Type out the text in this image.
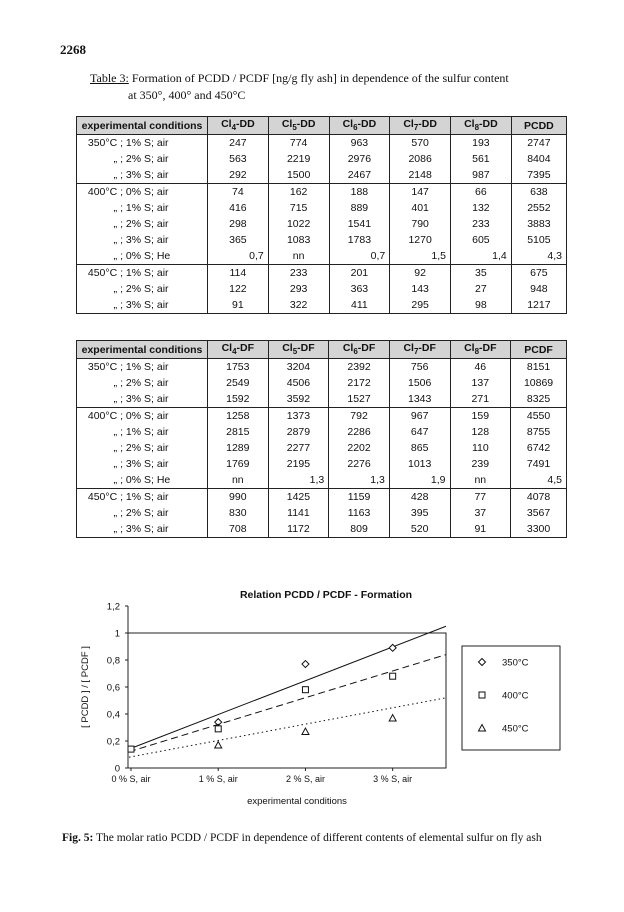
2268
Table 3: Formation of PCDD / PCDF [ng/g fly ash] in dependence of the sulfur content
at 350°, 400° and 450°C
experimental conditions	$Cl_4-DD$	$Cl_5-DD$	$Cl_6-DD$	$Cl_7-DD$	$Cl_8-DD$	PCDD
350°C ; 1% S; air	247	774	963	570	193	2747
„ ; 2% S; air	563	2219	2976	2086	561	8404
„ ; 3% S; air	292	1500	2467	2148	987	7395
400°C ; 0% S; air	74	162	188	147	66	638
„ ; 1% S; air	416	715	889	401	132	2552
„ ; 2% S; air	298	1022	1541	790	233	3883
„ ; 3% S; air	365	1083	1783	1270	605	5105
„ ; 0% S; He	0,7	nn	0,7	1,5	1,4	4,3
450°C ; 1% S; air	114	233	201	92	35	675
„ ; 2% S; air	122	293	363	143	27	948
„ ; 3% S; air	91	322	411	295	98	1217
experimental conditions	$Cl_4-DF$	$Cl_5-DF$	$Cl_6-DF$	$Cl_7-DF$	$Cl_8-DF$	PCDF
350°C ; 1% S; air	1753	3204	2392	756	46	8151
„ ; 2% S; air	2549	4506	2172	1506	137	10869
„ ; 3% S; air	1592	3592	1527	1343	271	8325
400°C ; 0% S; air	1258	1373	792	967	159	4550
„ ; 1% S; air	2815	2879	2286	647	128	8755
„ ; 2% S; air	1289	2277	2202	865	110	6742
„ ; 3% S; air	1769	2195	2276	1013	239	7491
„ ; 0% S; He	nn	1,3	1,3	1,9	nn	4,5
450°C ; 1% S; air	990	1425	1159	428	77	4078
„ ; 2% S; air	830	1141	1163	395	37	3567
„ ; 3% S; air	708	1172	809	520	91	3300
Relation PCDD / PCDF - Formation
0
0,2
0,4
0,6
0,8
1
1,2
[ PCDD ] / [ PCDF ]
0 % S, air	1 % S, air	2 % S, air	3 % S, air
experimental conditions
350°C
400°C
450°C
Fig. 5: The molar ratio PCDD / PCDF in dependence of different contents of elemental sulfur on fly ash
